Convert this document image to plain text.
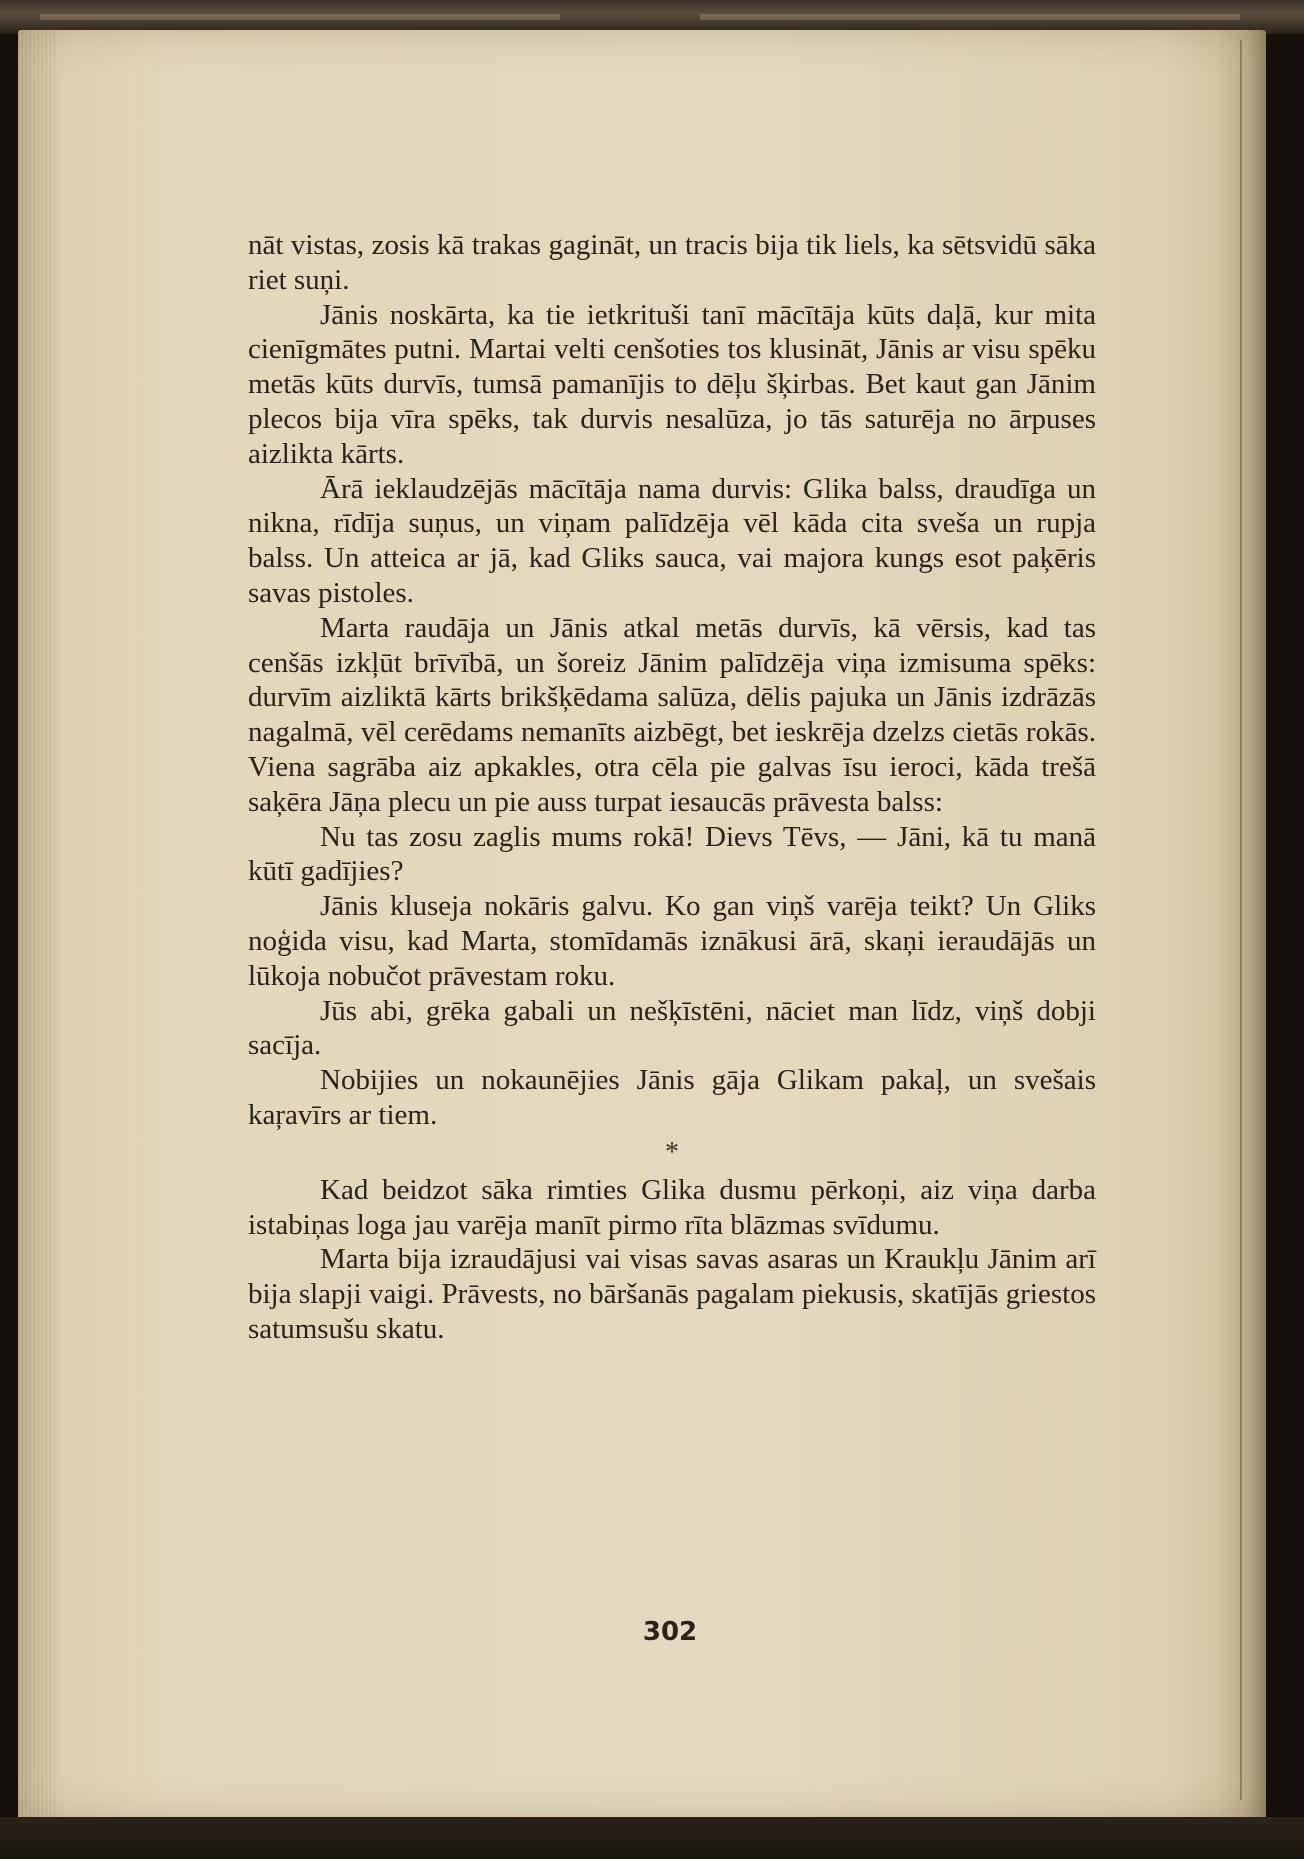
nāt vistas, zosis kā trakas gagināt, un tracis bija tik liels, ka sētsvidū sāka riet suņi.

Jānis noskārta, ka tie ietkrituši tanī mācītāja kūts daļā, kur mita cienīgmātes putni. Martai velti cenšoties tos klusināt, Jānis ar visu spēku metās kūts durvīs, tumsā pamanījis to dēļu šķirbas. Bet kaut gan Jānim plecos bija vīra spēks, tak durvis nesalūza, jo tās saturēja no ārpuses aizlikta kārts.

Ārā ieklaudzējās mācītāja nama durvis: Glika balss, draudīga un nikna, rīdīja suņus, un viņam palīdzēja vēl kāda cita sveša un rupja balss. Un atteica ar jā, kad Gliks sauca, vai majora kungs esot paķēris savas pistoles.

Marta raudāja un Jānis atkal metās durvīs, kā vērsis, kad tas cenšās izkļūt brīvībā, un šoreiz Jānim palīdzēja viņa izmisuma spēks: durvīm aizliktā kārts brikšķēdama salūza, dēlis pajuka un Jānis izdrāzās nagalmā, vēl cerēdams nemanīts aizbēgt, bet ieskrēja dzelzs cietās rokās. Viena sagrāba aiz apkakles, otra cēla pie galvas īsu ieroci, kāda trešā saķēra Jāņa plecu un pie auss turpat iesaucās prāvesta balss:

Nu tas zosu zaglis mums rokā! Dievs Tēvs, — Jāni, kā tu manā kūtī gadījies?

Jānis kluseja nokāris galvu. Ko gan viņš varēja teikt? Un Gliks noģida visu, kad Marta, stomīdamās iznākusi ārā, skaņi ieraudājās un lūkoja nobučot prāvestam roku.

Jūs abi, grēka gabali un nešķīstēni, nāciet man līdz, viņš dobji sacīja.

Nobijies un nokaunējies Jānis gāja Glikam pakaļ, un svešais kaŗavīrs ar tiem.

*

Kad beidzot sāka rimties Glika dusmu pērkoņi, aiz viņa darba istabiņas loga jau varēja manīt pirmo rīta blāzmas svīdumu.

Marta bija izraudājusi vai visas savas asaras un Kraukļu Jānim arī bija slapji vaigi. Prāvests, no bāršanās pagalam piekusis, skatījās griestos satumsušu skatu.

302
